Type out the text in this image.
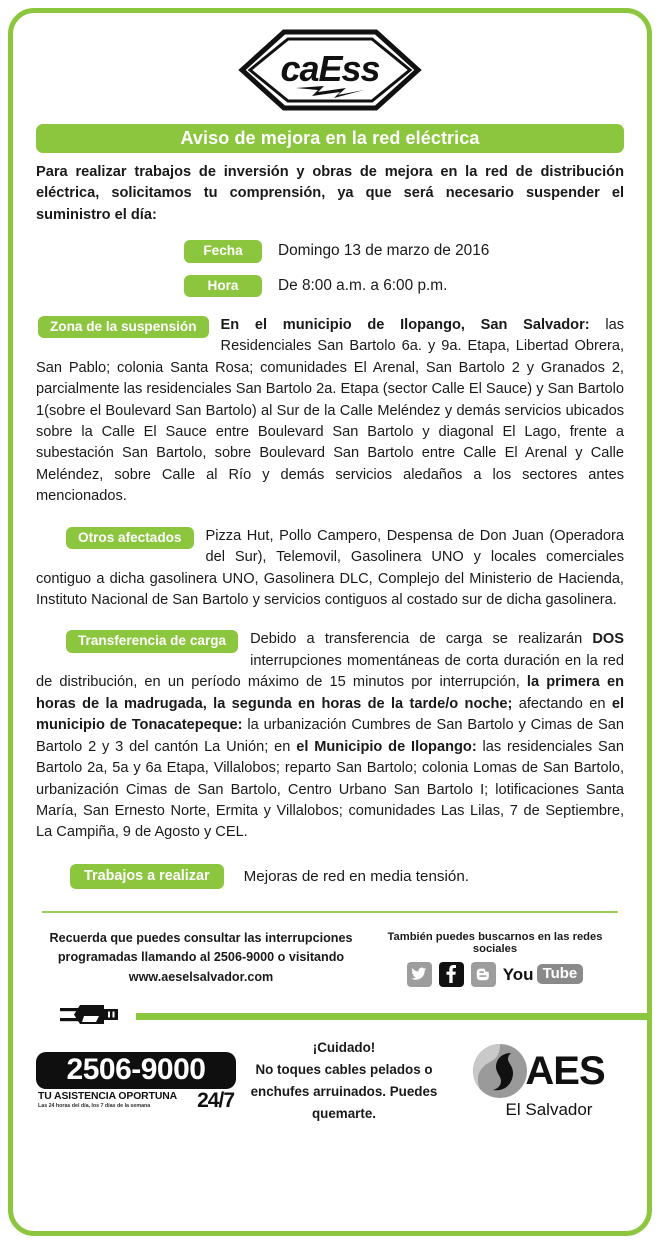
caEss
Aviso de mejora en la red eléctrica

Para realizar trabajos de inversión y obras de mejora en la red de distribución eléctrica, solicitamos tu comprensión, ya que será necesario suspender el suministro el día:

Fecha	Domingo 13 de marzo de 2016
Hora	De 8:00 a.m. a 6:00 p.m.
Zona de la suspensión	En el municipio de Ilopango, San Salvador: las Residenciales San Bartolo 6a. y 9a. Etapa, Libertad Obrera, San Pablo; colonia Santa Rosa; comunidades El Arenal, San Bartolo 2 y Granados 2, parcialmente las residenciales San Bartolo 2a. Etapa (sector Calle El Sauce) y San Bartolo 1(sobre el Boulevard San Bartolo) al Sur de la Calle Meléndez y demás servicios ubicados sobre la Calle El Sauce entre Boulevard San Bartolo y diagonal El Lago, frente a subestación San Bartolo, sobre Boulevard San Bartolo entre Calle El Arenal y Calle Meléndez, sobre Calle al Río y demás servicios aledaños a los sectores antes mencionados.
Otros afectados	Pizza Hut, Pollo Campero, Despensa de Don Juan (Operadora del Sur), Telemovil, Gasolinera UNO y locales comerciales contiguo a dicha gasolinera UNO, Gasolinera DLC, Complejo del Ministerio de Hacienda, Instituto Nacional de San Bartolo y servicios contiguos al costado sur de dicha gasolinera.
Transferencia de carga	Debido a transferencia de carga se realizarán DOS interrupciones momentáneas de corta duración en la red de distribución, en un período máximo de 15 minutos por interrupción, la primera en horas de la madrugada, la segunda en horas de la tarde/o noche; afectando en el municipio de Tonacatepeque: la urbanización Cumbres de San Bartolo y Cimas de San Bartolo 2 y 3 del cantón La Unión; en el Municipio de Ilopango: las residenciales San Bartolo 2a, 5a y 6a Etapa, Villalobos; reparto San Bartolo; colonia Lomas de San Bartolo, urbanización Cimas de San Bartolo, Centro Urbano San Bartolo I; lotificaciones Santa María, San Ernesto Norte, Ermita y Villalobos; comunidades Las Lilas, 7 de Septiembre, La Campiña, 9 de Agosto y CEL.
Trabajos a realizar	Mejoras de red en media tensión.
Recuerda que puedes consultar las interrupciones programadas llamando al 2506-9000 o visitando www.aeselsalvador.com
También puedes buscarnos en las redes sociales
You Tube
2506-9000
TU ASISTENCIA OPORTUNA
Las 24 horas del día, los 7 días de la semana	24/7
¡Cuidado!
No toques cables pelados o enchufes arruinados. Puedes quemarte.
AES
El Salvador
